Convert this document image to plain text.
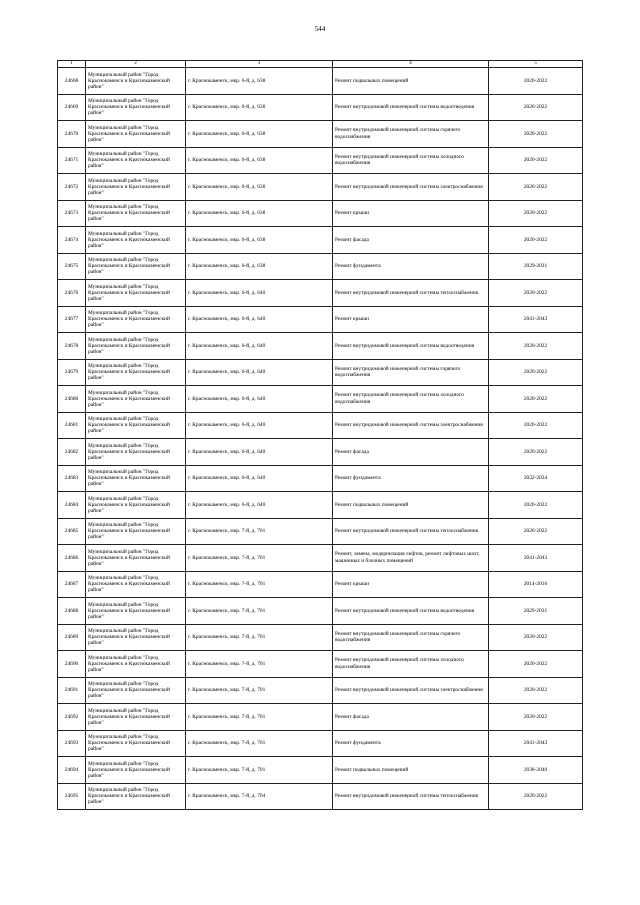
544
1	2	3	4	5
24668	Муниципальный район "Город Краснокаменск и Краснокаменский район"	г. Краснокаменск, мкр. 6-й, д. 638	Ремонт подвальных помещений	2020-2022
24669	Муниципальный район "Город Краснокаменск и Краснокаменский район"	г. Краснокаменск, мкр. 6-й, д. 638	Ремонт внутридомовой инженерной системы водоотведения	2020-2022
24670	Муниципальный район "Город Краснокаменск и Краснокаменский район"	г. Краснокаменск, мкр. 6-й, д. 638	Ремонт внутридомовой инженерной системы горячего водоснабжения	2020-2022
24671	Муниципальный район "Город Краснокаменск и Краснокаменский район"	г. Краснокаменск, мкр. 6-й, д. 638	Ремонт внутридомовой инженерной системы холодного водоснабжения	2020-2022
24672	Муниципальный район "Город Краснокаменск и Краснокаменский район"	г. Краснокаменск, мкр. 6-й, д. 638	Ремонт внутридомовой инженерной системы электроснабжения	2020-2022
24673	Муниципальный район "Город Краснокаменск и Краснокаменский район"	г. Краснокаменск, мкр. 6-й, д. 638	Ремонт крыши	2020-2022
24674	Муниципальный район "Город Краснокаменск и Краснокаменский район"	г. Краснокаменск, мкр. 6-й, д. 638	Ремонт фасада	2020-2022
24675	Муниципальный район "Город Краснокаменск и Краснокаменский район"	г. Краснокаменск, мкр. 6-й, д. 638	Ремонт фундамента	2029-2031
24676	Муниципальный район "Город Краснокаменск и Краснокаменский район"	г. Краснокаменск, мкр. 6-й, д. 640	Ремонт внутридомовой инженерной системы теплоснабжения	2020-2022
24677	Муниципальный район "Город Краснокаменск и Краснокаменский район"	г. Краснокаменск, мкр. 6-й, д. 640	Ремонт крыши	2041-2043
24678	Муниципальный район "Город Краснокаменск и Краснокаменский район"	г. Краснокаменск, мкр. 6-й, д. 640	Ремонт внутридомовой инженерной системы водоотведения	2020-2022
24679	Муниципальный район "Город Краснокаменск и Краснокаменский район"	г. Краснокаменск, мкр. 6-й, д. 640	Ремонт внутридомовой инженерной системы горячего водоснабжения	2020-2022
24680	Муниципальный район "Город Краснокаменск и Краснокаменский район"	г. Краснокаменск, мкр. 6-й, д. 640	Ремонт внутридомовой инженерной системы холодного водоснабжения	2020-2022
24681	Муниципальный район "Город Краснокаменск и Краснокаменский район"	г. Краснокаменск, мкр. 6-й, д. 640	Ремонт внутридомовой инженерной системы электроснабжения	2020-2022
24682	Муниципальный район "Город Краснокаменск и Краснокаменский район"	г. Краснокаменск, мкр. 6-й, д. 640	Ремонт фасада	2020-2022
24683	Муниципальный район "Город Краснокаменск и Краснокаменский район"	г. Краснокаменск, мкр. 6-й, д. 640	Ремонт фундамента	2032-2034
24684	Муниципальный район "Город Краснокаменск и Краснокаменский район"	г. Краснокаменск, мкр. 6-й, д. 640	Ремонт подвальных помещений	2020-2022
24685	Муниципальный район "Город Краснокаменск и Краснокаменский район"	г. Краснокаменск, мкр. 7-й, д. 701	Ремонт внутридомовой инженерной системы теплоснабжения	2020-2022
24686	Муниципальный район "Город Краснокаменск и Краснокаменский район"	г. Краснокаменск, мкр. 7-й, д. 701	Ремонт, замена, модернизация лифтов, ремонт лифтовых шахт, машинных и блочных помещений	2041-2043
24687	Муниципальный район "Город Краснокаменск и Краснокаменский район"	г. Краснокаменск, мкр. 7-й, д. 701	Ремонт крыши	2014-2016
24688	Муниципальный район "Город Краснокаменск и Краснокаменский район"	г. Краснокаменск, мкр. 7-й, д. 701	Ремонт внутридомовой инженерной системы водоотведения	2029-2031
24689	Муниципальный район "Город Краснокаменск и Краснокаменский район"	г. Краснокаменск, мкр. 7-й, д. 701	Ремонт внутридомовой инженерной системы горячего водоснабжения	2020-2022
24690	Муниципальный район "Город Краснокаменск и Краснокаменский район"	г. Краснокаменск, мкр. 7-й, д. 701	Ремонт внутридомовой инженерной системы холодного водоснабжения	2020-2022
24691	Муниципальный район "Город Краснокаменск и Краснокаменский район"	г. Краснокаменск, мкр. 7-й, д. 701	Ремонт внутридомовой инженерной системы электроснабжения	2020-2022
24692	Муниципальный район "Город Краснокаменск и Краснокаменский район"	г. Краснокаменск, мкр. 7-й, д. 701	Ремонт фасада	2020-2022
24693	Муниципальный район "Город Краснокаменск и Краснокаменский район"	г. Краснокаменск, мкр. 7-й, д. 701	Ремонт фундамента	2041-2043
24694	Муниципальный район "Город Краснокаменск и Краснокаменский район"	г. Краснокаменск, мкр. 7-й, д. 701	Ремонт подвальных помещений	2038-2040
24695	Муниципальный район "Город Краснокаменск и Краснокаменский район"	г. Краснокаменск, мкр. 7-й, д. 704	Ремонт внутридомовой инженерной системы теплоснабжения	2020-2022
